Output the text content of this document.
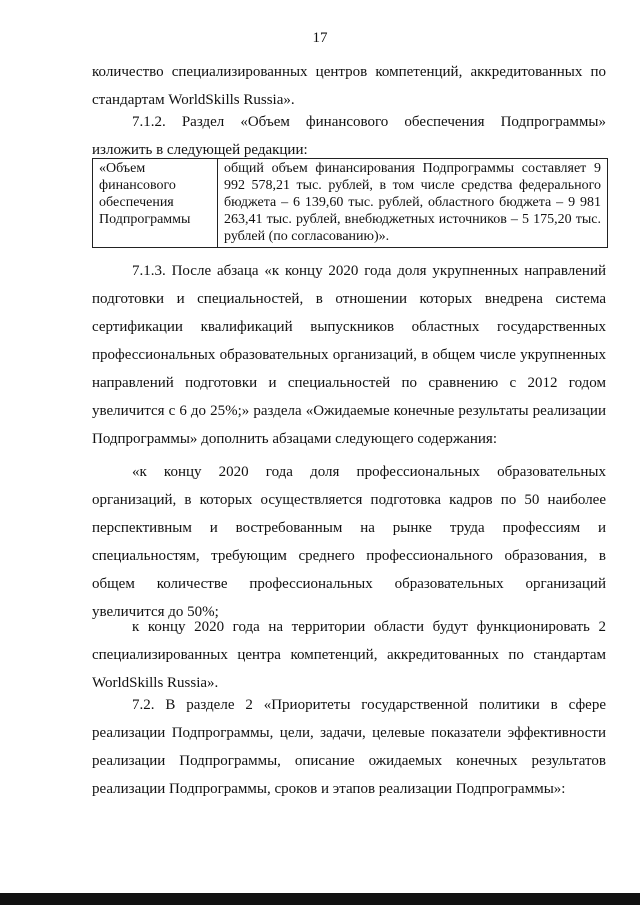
17

количество специализированных центров компетенций, аккредитованных по стандартам WorldSkills Russia».

7.1.2. Раздел «Объем финансового обеспечения Подпрограммы» изложить в следующей редакции:

«Объем финансового обеспечения Подпрограммы	общий объем финансирования Подпрограммы составляет 9 992 578,21 тыс. рублей, в том числе средства федерального бюджета – 6 139,60 тыс. рублей, областного бюджета – 9 981 263,41 тыс. рублей, внебюджетных источников – 5 175,20 тыс. рублей (по согласованию)».

7.1.3. После абзаца «к концу 2020 года доля укрупненных направлений подготовки и специальностей, в отношении которых внедрена система сертификации квалификаций выпускников областных государственных профессиональных образовательных организаций, в общем числе укрупненных направлений подготовки и специальностей по сравнению с 2012 годом увеличится с 6 до 25%;» раздела «Ожидаемые конечные результаты реализации Подпрограммы» дополнить абзацами следующего содержания:

«к концу 2020 года доля профессиональных образовательных организаций, в которых осуществляется подготовка кадров по 50 наиболее перспективным и востребованным на рынке труда профессиям и специальностям, требующим среднего профессионального образования, в общем количестве профессиональных образовательных организаций увеличится до 50%;

к концу 2020 года на территории области будут функционировать 2 специализированных центра компетенций, аккредитованных по стандартам WorldSkills Russia».

7.2. В разделе 2 «Приоритеты государственной политики в сфере реализации Подпрограммы, цели, задачи, целевые показатели эффективности реализации Подпрограммы, описание ожидаемых конечных результатов реализации Подпрограммы, сроков и этапов реализации Подпрограммы»:
